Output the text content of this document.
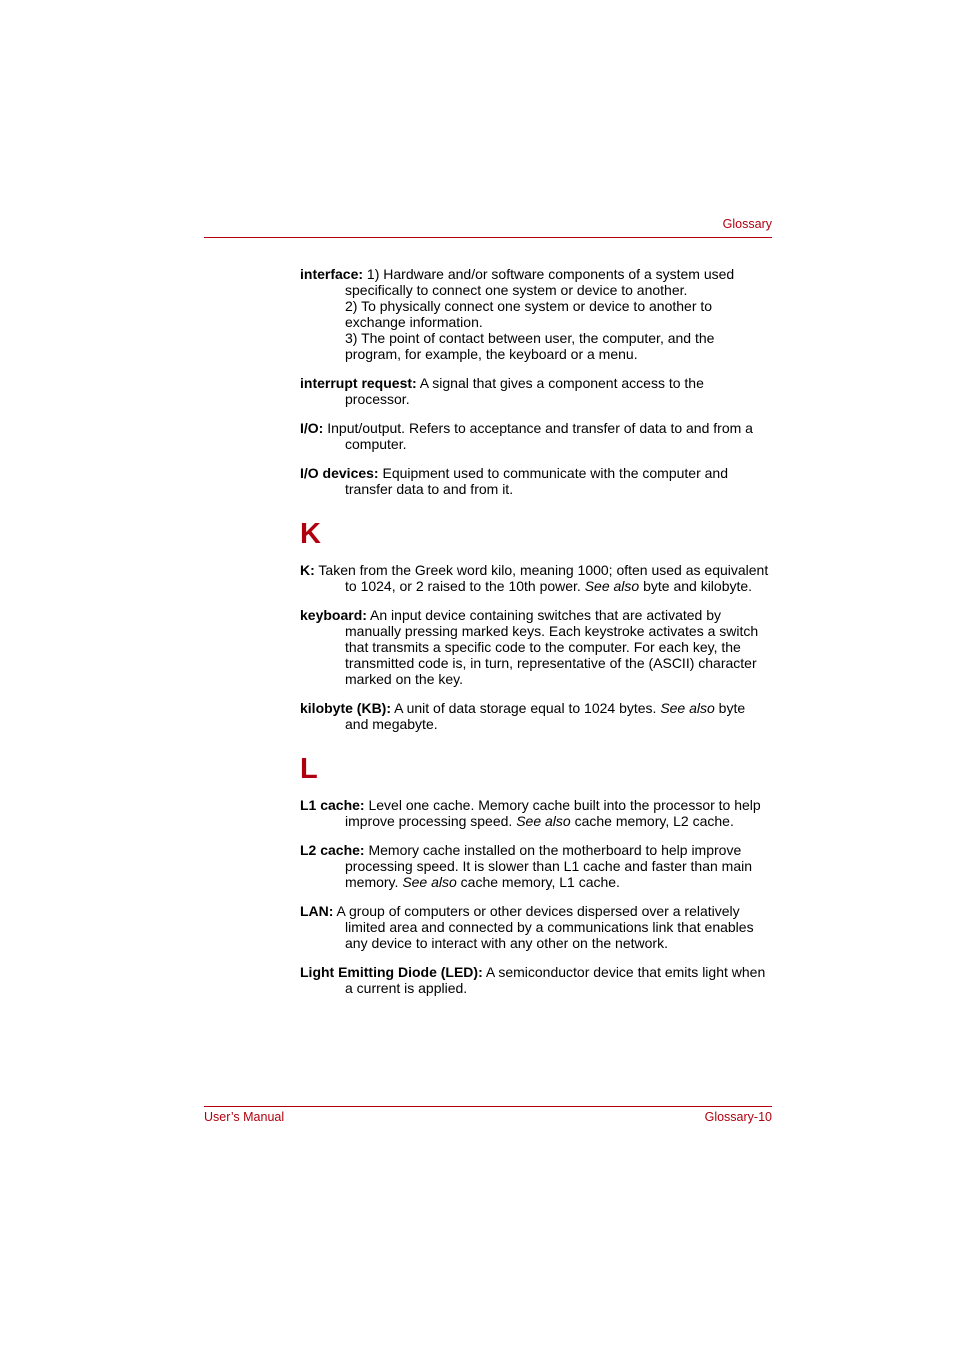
Glossary

interface: 1) Hardware and/or software components of a system used specifically to connect one system or device to another.
2) To physically connect one system or device to another to exchange information.
3) The point of contact between user, the computer, and the program, for example, the keyboard or a menu.

interrupt request: A signal that gives a component access to the processor.

I/O: Input/output. Refers to acceptance and transfer of data to and from a computer.

I/O devices: Equipment used to communicate with the computer and transfer data to and from it.

K

K: Taken from the Greek word kilo, meaning 1000; often used as equivalent to 1024, or 2 raised to the 10th power. See also byte and kilobyte.

keyboard: An input device containing switches that are activated by manually pressing marked keys. Each keystroke activates a switch that transmits a specific code to the computer. For each key, the transmitted code is, in turn, representative of the (ASCII) character marked on the key.

kilobyte (KB): A unit of data storage equal to 1024 bytes. See also byte and megabyte.

L

L1 cache: Level one cache. Memory cache built into the processor to help improve processing speed. See also cache memory, L2 cache.

L2 cache: Memory cache installed on the motherboard to help improve processing speed. It is slower than L1 cache and faster than main memory. See also cache memory, L1 cache.

LAN: A group of computers or other devices dispersed over a relatively limited area and connected by a communications link that enables any device to interact with any other on the network.

Light Emitting Diode (LED): A semiconductor device that emits light when a current is applied.

User’s Manual	Glossary-10
